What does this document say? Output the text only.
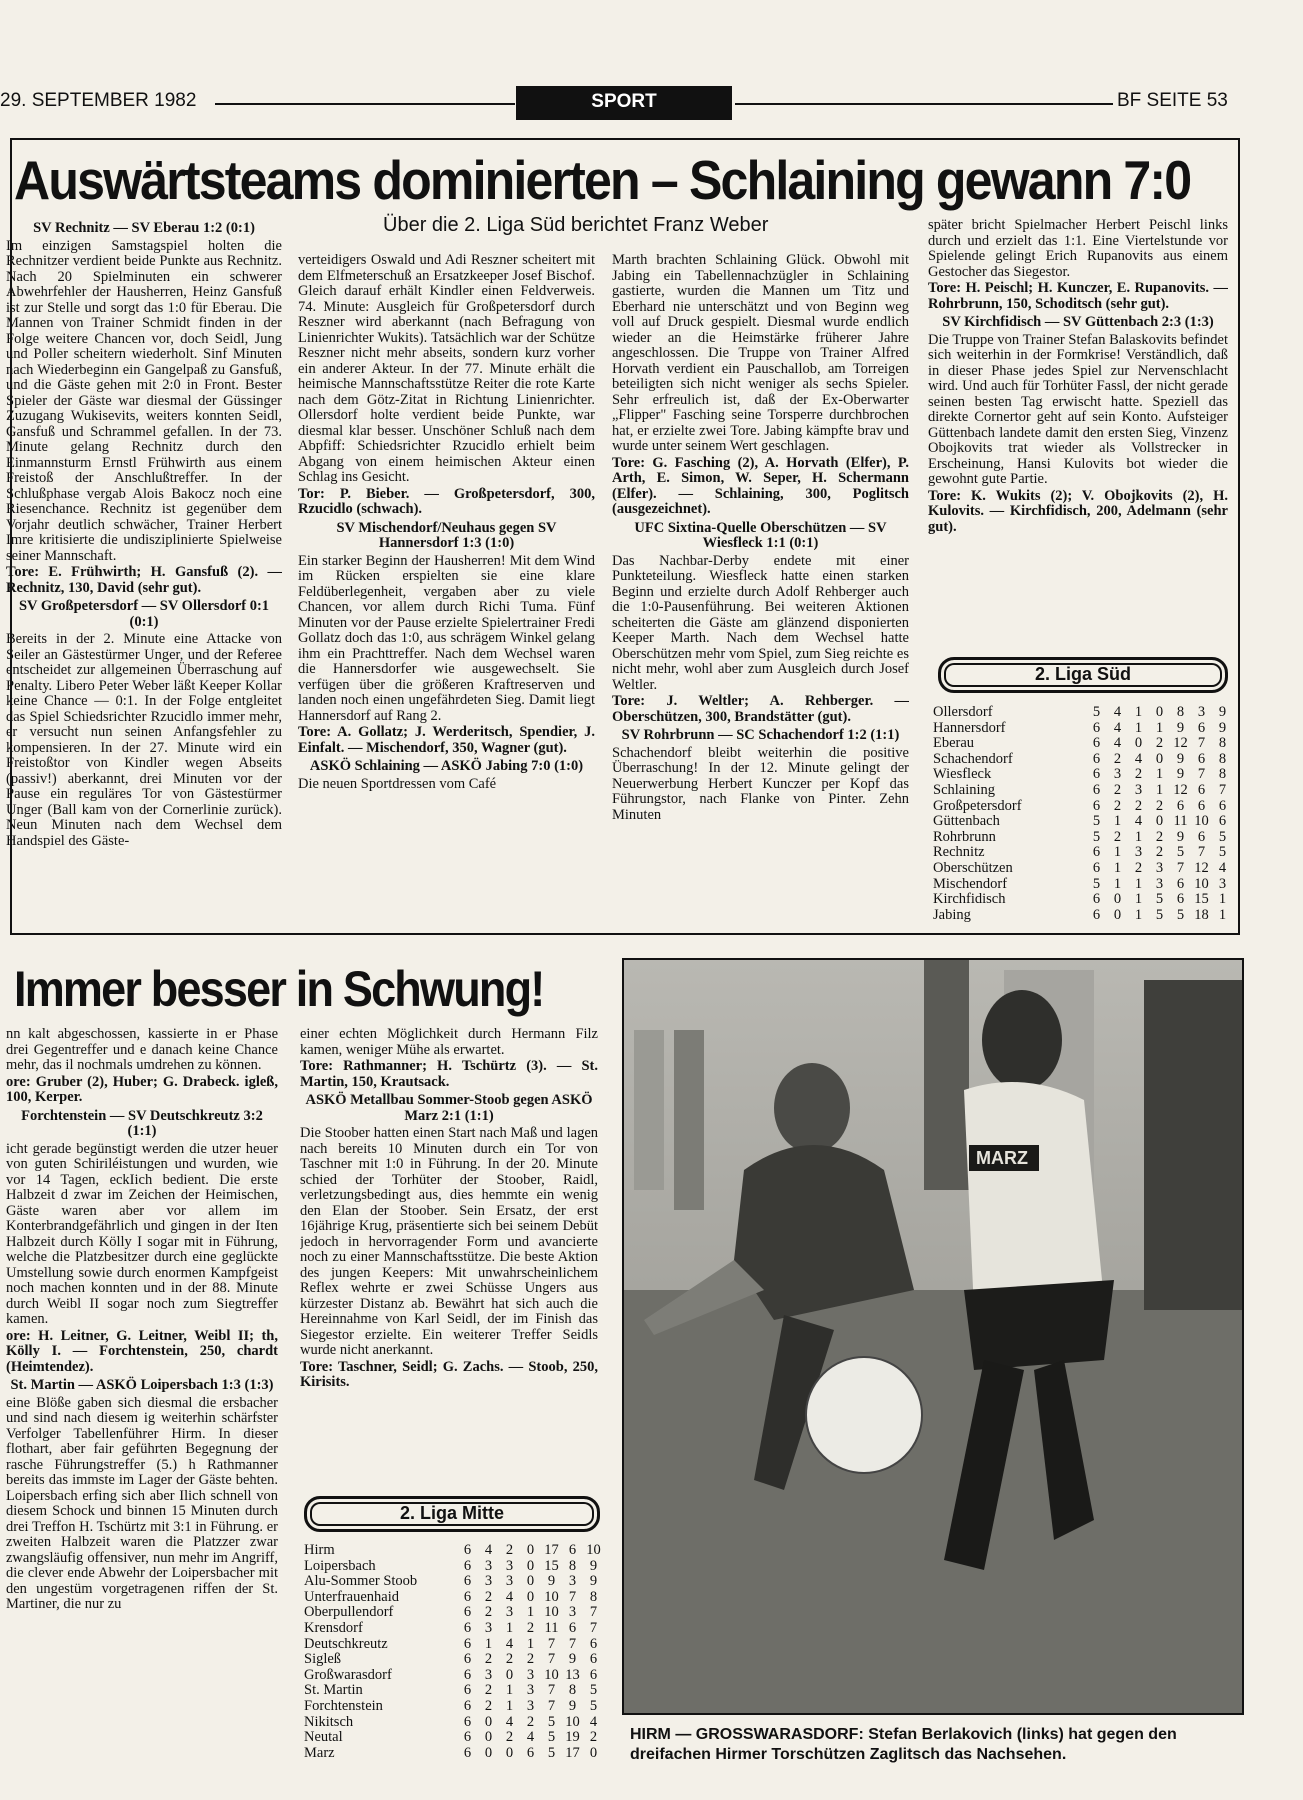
29. SEPTEMBER 1982	SPORT	BF SEITE 53
Auswärtsteams dominierten – Schlaining gewann 7:0
Über die 2. Liga Süd berichtet Franz Weber

SV Rechnitz — SV Eberau 1:2 (0:1)

Im einzigen Samstagspiel holten die Rechnitzer verdient beide Punkte aus Rechnitz. Nach 20 Spielminuten ein schwerer Abwehrfehler der Hausherren, Heinz Gansfuß ist zur Stelle und sorgt das 1:0 für Eberau. Die Mannen von Trainer Schmidt finden in der Folge weitere Chancen vor, doch Seidl, Jung und Poller scheitern wiederholt. Sinf Minuten nach Wiederbeginn ein Gangelpaß zu Gansfuß, und die Gäste gehen mit 2:0 in Front. Bester Spieler der Gäste war diesmal der Güssinger Zuzugang Wukisevits, weiters konnten Seidl, Gansfuß und Schrammel gefallen. In der 73. Minute gelang Rechnitz durch den Einmannsturm Ernstl Frühwirth aus einem Freistoß der Anschlußtreffer. In der Schlußphase vergab Alois Bakocz noch eine Riesenchance. Rechnitz ist gegenüber dem Vorjahr deutlich schwächer, Trainer Herbert Imre kritisierte die undisziplinierte Spielweise seiner Mannschaft.

Tore: E. Frühwirth; H. Gansfuß (2). — Rechnitz, 130, David (sehr gut).

SV Großpetersdorf — SV Ollersdorf 0:1 (0:1)

Bereits in der 2. Minute eine Attacke von Seiler an Gästestürmer Unger, und der Referee entscheidet zur allgemeinen Überraschung auf Penalty. Libero Peter Weber läßt Keeper Kollar keine Chance — 0:1. In der Folge entgleitet das Spiel Schiedsrichter Rzucidlo immer mehr, er versucht nun seinen Anfangsfehler zu kompensieren. In der 27. Minute wird ein Freistoßtor von Kindler wegen Abseits (passiv!) aberkannt, drei Minuten vor der Pause ein reguläres Tor von Gästestürmer Unger (Ball kam von der Cornerlinie zurück). Neun Minuten nach dem Wechsel dem Handspiel des Gäste-

verteidigers Oswald und Adi Reszner scheitert mit dem Elfmeterschuß an Ersatzkeeper Josef Bischof. Gleich darauf erhält Kindler einen Feldverweis. 74. Minute: Ausgleich für Großpetersdorf durch Reszner wird aberkannt (nach Befragung von Linienrichter Wukits). Tatsächlich war der Schütze Reszner nicht mehr abseits, sondern kurz vorher ein anderer Akteur. In der 77. Minute erhält die heimische Mannschaftsstütze Reiter die rote Karte nach dem Götz-Zitat in Richtung Linienrichter. Ollersdorf holte verdient beide Punkte, war diesmal klar besser. Unschöner Schluß nach dem Abpfiff: Schiedsrichter Rzucidlo erhielt beim Abgang von einem heimischen Akteur einen Schlag ins Gesicht.

Tor: P. Bieber. — Großpetersdorf, 300, Rzucidlo (schwach).

SV Mischendorf/Neuhaus gegen SV Hannersdorf 1:3 (1:0)

Ein starker Beginn der Hausherren! Mit dem Wind im Rücken erspielten sie eine klare Feldüberlegenheit, vergaben aber zu viele Chancen, vor allem durch Richi Tuma. Fünf Minuten vor der Pause erzielte Spielertrainer Fredi Gollatz doch das 1:0, aus schrägem Winkel gelang ihm ein Prachttreffer. Nach dem Wechsel waren die Hannersdorfer wie ausgewechselt. Sie verfügen über die größeren Kraftreserven und landen noch einen ungefährdeten Sieg. Damit liegt Hannersdorf auf Rang 2.

Tore: A. Gollatz; J. Werderitsch, Spendier, J. Einfalt. — Mischendorf, 350, Wagner (gut).

ASKÖ Schlaining — ASKÖ Jabing 7:0 (1:0)

Die neuen Sportdressen vom Café

Marth brachten Schlaining Glück. Obwohl mit Jabing ein Tabellennachzügler in Schlaining gastierte, wurden die Mannen um Titz und Eberhard nie unterschätzt und von Beginn weg voll auf Druck gespielt. Diesmal wurde endlich wieder an die Heimstärke früherer Jahre angeschlossen. Die Truppe von Trainer Alfred Horvath verdient ein Pauschallob, am Torreigen beteiligten sich nicht weniger als sechs Spieler. Sehr erfreulich ist, daß der Ex-Oberwarter „Flipper" Fasching seine Torsperre durchbrochen hat, er erzielte zwei Tore. Jabing kämpfte brav und wurde unter seinem Wert geschlagen.

Tore: G. Fasching (2), A. Horvath (Elfer), P. Arth, E. Simon, W. Seper, H. Schermann (Elfer). — Schlaining, 300, Poglitsch (ausgezeichnet).

UFC Sixtina-Quelle Oberschützen — SV Wiesfleck 1:1 (0:1)

Das Nachbar-Derby endete mit einer Punkteteilung. Wiesfleck hatte einen starken Beginn und erzielte durch Adolf Rehberger auch die 1:0-Pausenführung. Bei weiteren Aktionen scheiterten die Gäste am glänzend disponierten Keeper Marth. Nach dem Wechsel hatte Oberschützen mehr vom Spiel, zum Sieg reichte es nicht mehr, wohl aber zum Ausgleich durch Josef Weltler.

Tore: J. Weltler; A. Rehberger. — Oberschützen, 300, Brandstätter (gut).

SV Rohrbrunn — SC Schachendorf 1:2 (1:1)

Schachendorf bleibt weiterhin die positive Überraschung! In der 12. Minute gelingt der Neuerwerbung Herbert Kunczer per Kopf das Führungstor, nach Flanke von Pinter. Zehn Minuten

später bricht Spielmacher Herbert Peischl links durch und erzielt das 1:1. Eine Viertelstunde vor Spielende gelingt Erich Rupanovits aus einem Gestocher das Siegestor.

Tore: H. Peischl; H. Kunczer, E. Rupanovits. — Rohrbrunn, 150, Schoditsch (sehr gut).

SV Kirchfidisch — SV Güttenbach 2:3 (1:3)

Die Truppe von Trainer Stefan Balaskovits befindet sich weiterhin in der Formkrise! Verständlich, daß in dieser Phase jedes Spiel zur Nervenschlacht wird. Und auch für Torhüter Fassl, der nicht gerade seinen besten Tag erwischt hatte. Speziell das direkte Cornertor geht auf sein Konto. Aufsteiger Güttenbach landete damit den ersten Sieg, Vinzenz Obojkovits trat wieder als Vollstrecker in Erscheinung, Hansi Kulovits bot wieder die gewohnt gute Partie.

Tore: K. Wukits (2); V. Obojkovits (2), H. Kulovits. — Kirchfidisch, 200, Adelmann (sehr gut).

2. Liga Süd
Ollersdorf	5	4	1	0	8	3	9
Hannersdorf	6	4	1	1	9	6	9
Eberau	6	4	0	2	12	7	8
Schachendorf	6	2	4	0	9	6	8
Wiesfleck	6	3	2	1	9	7	8
Schlaining	6	2	3	1	12	6	7
Großpetersdorf	6	2	2	2	6	6	6
Güttenbach	5	1	4	0	11	10	6
Rohrbrunn	5	2	1	2	9	6	5
Rechnitz	6	1	3	2	5	7	5
Oberschützen	6	1	2	3	7	12	4
Mischendorf	5	1	1	3	6	10	3
Kirchfidisch	6	0	1	5	6	15	1
Jabing	6	0	1	5	5	18	1
Immer besser in Schwung!

nn kalt abgeschossen, kassierte in er Phase drei Gegentreffer und e danach keine Chance mehr, das il nochmals umdrehen zu können.

ore: Gruber (2), Huber; G. Drabeck. igleß, 100, Kerper.

Forchtenstein — SV Deutschkreutz 3:2 (1:1)

icht gerade begünstigt werden die utzer heuer von guten Schiriléistungen und wurden, wie vor 14 Tagen, eckIich bedient. Die erste Halbzeit d zwar im Zeichen der Heimischen, Gäste waren aber vor allem im Konterbrandgefährlich und gingen in der Iten Halbzeit durch Kölly I sogar mit in Führung, welche die Platzbesitzer durch eine geglückte Umstellung sowie durch enormen Kampfgeist noch machen konnten und in der 88. Minute durch Weibl II sogar noch zum Siegtreffer kamen.

ore: H. Leitner, G. Leitner, Weibl II; th, Kölly I. — Forchtenstein, 250, chardt (Heimtendez).

St. Martin — ASKÖ Loipersbach 1:3 (1:3)

eine Blöße gaben sich diesmal die ersbacher und sind nach diesem ig weiterhin schärfster Verfolger Tabellenführer Hirm. In dieser flothart, aber fair geführten Begegnung der rasche Führungstreffer (5.) h Rathmanner bereits das immste im Lager der Gäste behten. Loipersbach erfing sich aber Ilich schnell von diesem Schock und binnen 15 Minuten durch drei Treffon H. Tschürtz mit 3:1 in Führung. er zweiten Halbzeit waren die Platzzer zwar zwangsläufig offensiver, nun mehr im Angriff, die clever ende Abwehr der Loipersbacher mit den ungestüm vorgetragenen riffen der St. Martiner, die nur zu

einer echten Möglichkeit durch Hermann Filz kamen, weniger Mühe als erwartet.

Tore: Rathmanner; H. Tschürtz (3). — St. Martin, 150, Krautsack.

ASKÖ Metallbau Sommer-Stoob gegen ASKÖ Marz 2:1 (1:1)

Die Stoober hatten einen Start nach Maß und lagen nach bereits 10 Minuten durch ein Tor von Taschner mit 1:0 in Führung. In der 20. Minute schied der Torhüter der Stoober, Raidl, verletzungsbedingt aus, dies hemmte ein wenig den Elan der Stoober. Sein Ersatz, der erst 16jährige Krug, präsentierte sich bei seinem Debüt jedoch in hervorragender Form und avancierte noch zu einer Mannschaftsstütze. Die beste Aktion des jungen Keepers: Mit unwahrscheinlichem Reflex wehrte er zwei Schüsse Ungers aus kürzester Distanz ab. Bewährt hat sich auch die Hereinnahme von Karl Seidl, der im Finish das Siegestor erzielte. Ein weiterer Treffer Seidls wurde nicht anerkannt.

Tore: Taschner, Seidl; G. Zachs. — Stoob, 250, Kirisits.

2. Liga Mitte
Hirm	6	4	2	0	17	6	10
Loipersbach	6	3	3	0	15	8	9
Alu-Sommer Stoob	6	3	3	0	9	3	9
Unterfrauenhaid	6	2	4	0	10	7	8
Oberpullendorf	6	2	3	1	10	3	7
Krensdorf	6	3	1	2	11	6	7
Deutschkreutz	6	1	4	1	7	7	6
Sigleß	6	2	2	2	7	9	6
Großwarasdorf	6	3	0	3	10	13	6
St. Martin	6	2	1	3	7	8	5
Forchtenstein	6	2	1	3	7	9	5
Nikitsch	6	0	4	2	5	10	4
Neutal	6	0	2	4	5	19	2
Marz	6	0	0	6	5	17	0
MARZ
HIRM — GROSSWARASDORF: Stefan Berlakovich (links) hat gegen den dreifachen Hirmer Torschützen Zaglitsch das Nachsehen.
